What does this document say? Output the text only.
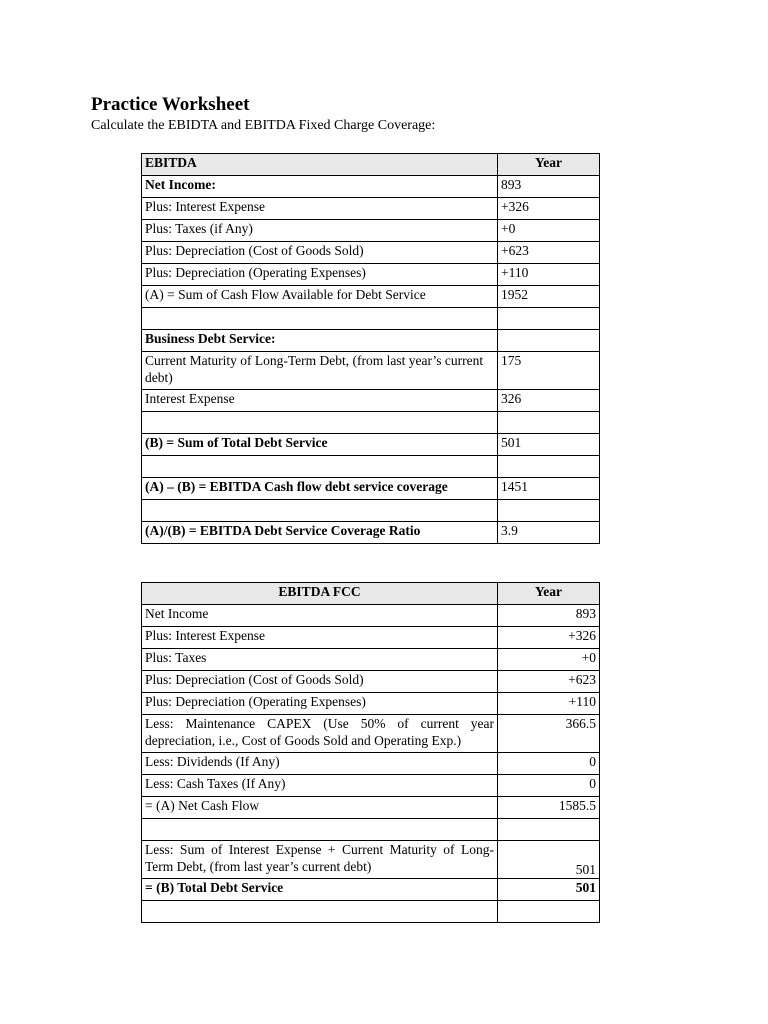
Practice Worksheet

Calculate the EBIDTA and EBITDA Fixed Charge Coverage:

EBITDA	Year
Net Income:	893
Plus: Interest Expense	+326
Plus: Taxes (if Any)	+0
Plus: Depreciation (Cost of Goods Sold)	+623
Plus: Depreciation (Operating Expenses)	+110
(A) = Sum of Cash Flow Available for Debt Service	1952

Business Debt Service:	
Current Maturity of Long-Term Debt, (from last year’s current debt)	175
Interest Expense	326

(B) = Sum of Total Debt Service	501

(A) – (B) = EBITDA Cash flow debt service coverage	1451

(A)/(B) = EBITDA Debt Service Coverage Ratio	3.9
EBITDA FCC	Year
Net Income	893
Plus: Interest Expense	+326
Plus: Taxes	+0
Plus: Depreciation (Cost of Goods Sold)	+623
Plus: Depreciation (Operating Expenses)	+110
Less: Maintenance CAPEX (Use 50% of current year depreciation, i.e., Cost of Goods Sold and Operating Exp.)	366.5
Less: Dividends (If Any)	0
Less: Cash Taxes (If Any)	0
= (A) Net Cash Flow	1585.5

Less: Sum of Interest Expense + Current Maturity of Long-Term Debt, (from last year’s current debt)	501
= (B) Total Debt Service	501
